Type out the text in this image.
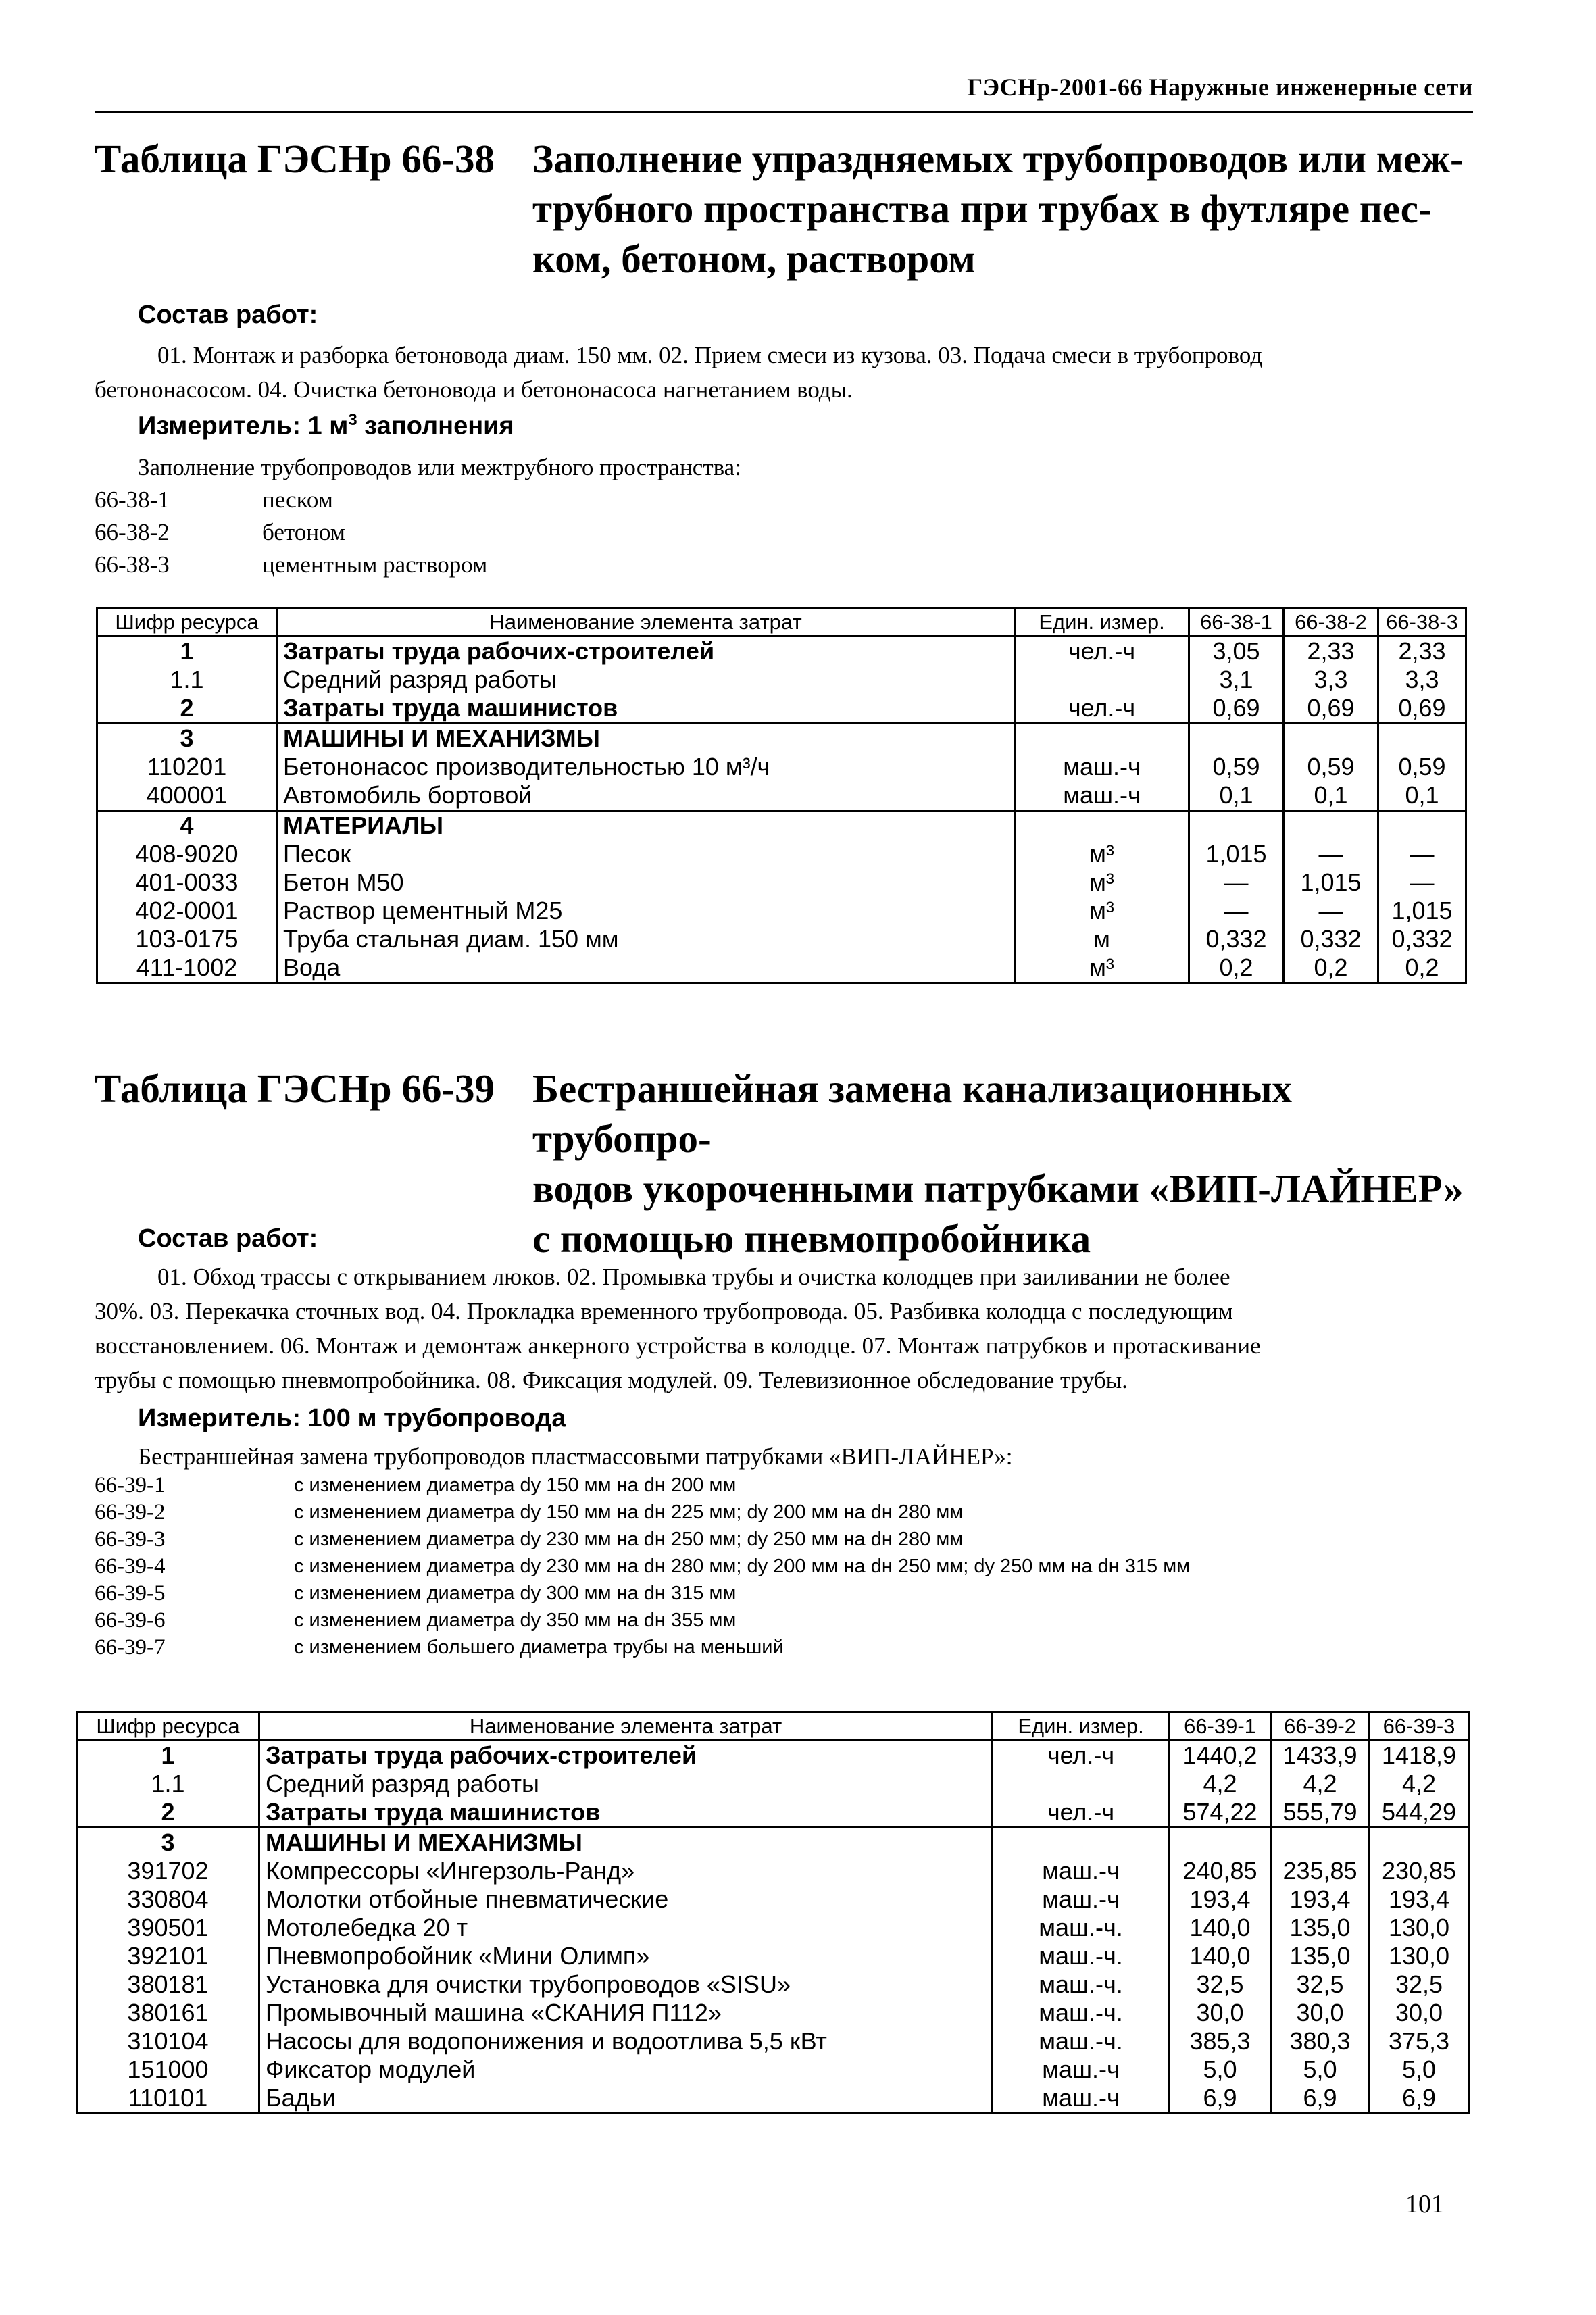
ГЭСНр-2001-66 Наружные инженерные сети
Таблица ГЭСНр 66-38 Заполнение упраздняемых трубопроводов или меж-
трубного пространства при трубах в футляре пес-
ком, бетоном, раствором
Состав работ:
01. Монтаж и разборка бетоновода диам. 150 мм. 02. Прием смеси из кузова. 03. Подача смеси в трубопровод
бетононасосом. 04. Очистка бетоновода и бетононасоса нагнетанием воды.
Измеритель: 1 $м^3$ заполнения
Заполнение трубопроводов или межтрубного пространства:
66-38-1	песком
66-38-2	бетоном
66-38-3	цементным раствором
Шифр ресурса	Наименование элемента затрат	Един. измер.	66-38-1	66-38-2	66-38-3
1	Затраты труда рабочих-строителей	чел.-ч	3,05	2,33	2,33
1.1	Средний разряд работы		3,1	3,3	3,3
2	Затраты труда машинистов	чел.-ч	0,69	0,69	0,69
3	МАШИНЫ И МЕХАНИЗМЫ				
110201	Бетононасос производительностью 10 м³/ч	маш.-ч	0,59	0,59	0,59
400001	Автомобиль бортовой	маш.-ч	0,1	0,1	0,1
4	МАТЕРИАЛЫ				
408-9020	Песок	м³	1,015	—	—
401-0033	Бетон М50	м³	—	1,015	—
402-0001	Раствор цементный М25	м³	—	—	1,015
103-0175	Труба стальная диам. 150 мм	м	0,332	0,332	0,332
411-1002	Вода	м³	0,2	0,2	0,2
Таблица ГЭСНр 66-39 Бестраншейная замена канализационных трубопро-
водов укороченными патрубками «ВИП-ЛАЙНЕР»
с помощью пневмопробойника
Состав работ:
01. Обход трассы с открыванием люков. 02. Промывка трубы и очистка колодцев при заиливании не более
30%. 03. Перекачка сточных вод. 04. Прокладка временного трубопровода. 05. Разбивка колодца с последующим
восстановлением. 06. Монтаж и демонтаж анкерного устройства в колодце. 07. Монтаж патрубков и протаскивание
трубы с помощью пневмопробойника. 08. Фиксация модулей. 09. Телевизионное обследование трубы.
Измеритель: 100 м трубопровода
Бестраншейная замена трубопроводов пластмассовыми патрубками «ВИП-ЛАЙНЕР»:
66-39-1	с изменением диаметра dy 150 мм на dн 200 мм
66-39-2	с изменением диаметра dy 150 мм на dн 225 мм; dy 200 мм на dн 280 мм
66-39-3	с изменением диаметра dy 230 мм на dн 250 мм; dy 250 мм на dн 280 мм
66-39-4	с изменением диаметра dy 230 мм на dн 280 мм; dy 200 мм на dн 250 мм; dy 250 мм на dн 315 мм
66-39-5	с изменением диаметра dy 300 мм на dн 315 мм
66-39-6	с изменением диаметра dy 350 мм на dн 355 мм
66-39-7	с изменением большего диаметра трубы на меньший
Шифр ресурса	Наименование элемента затрат	Един. измер.	66-39-1	66-39-2	66-39-3
1	Затраты труда рабочих-строителей	чел.-ч	1440,2	1433,9	1418,9
1.1	Средний разряд работы		4,2	4,2	4,2
2	Затраты труда машинистов	чел.-ч	574,22	555,79	544,29
3	МАШИНЫ И МЕХАНИЗМЫ				
391702	Компрессоры «Ингерзоль-Ранд»	маш.-ч	240,85	235,85	230,85
330804	Молотки отбойные пневматические	маш.-ч	193,4	193,4	193,4
390501	Мотолебедка 20 т	маш.-ч.	140,0	135,0	130,0
392101	Пневмопробойник «Мини Олимп»	маш.-ч.	140,0	135,0	130,0
380181	Установка для очистки трубопроводов «SISU»	маш.-ч.	32,5	32,5	32,5
380161	Промывочный машина «СКАНИЯ П112»	маш.-ч.	30,0	30,0	30,0
310104	Насосы для водопонижения и водоотлива 5,5 кВт	маш.-ч.	385,3	380,3	375,3
151000	Фиксатор модулей	маш.-ч	5,0	5,0	5,0
110101	Бадьи	маш.-ч	6,9	6,9	6,9
101
